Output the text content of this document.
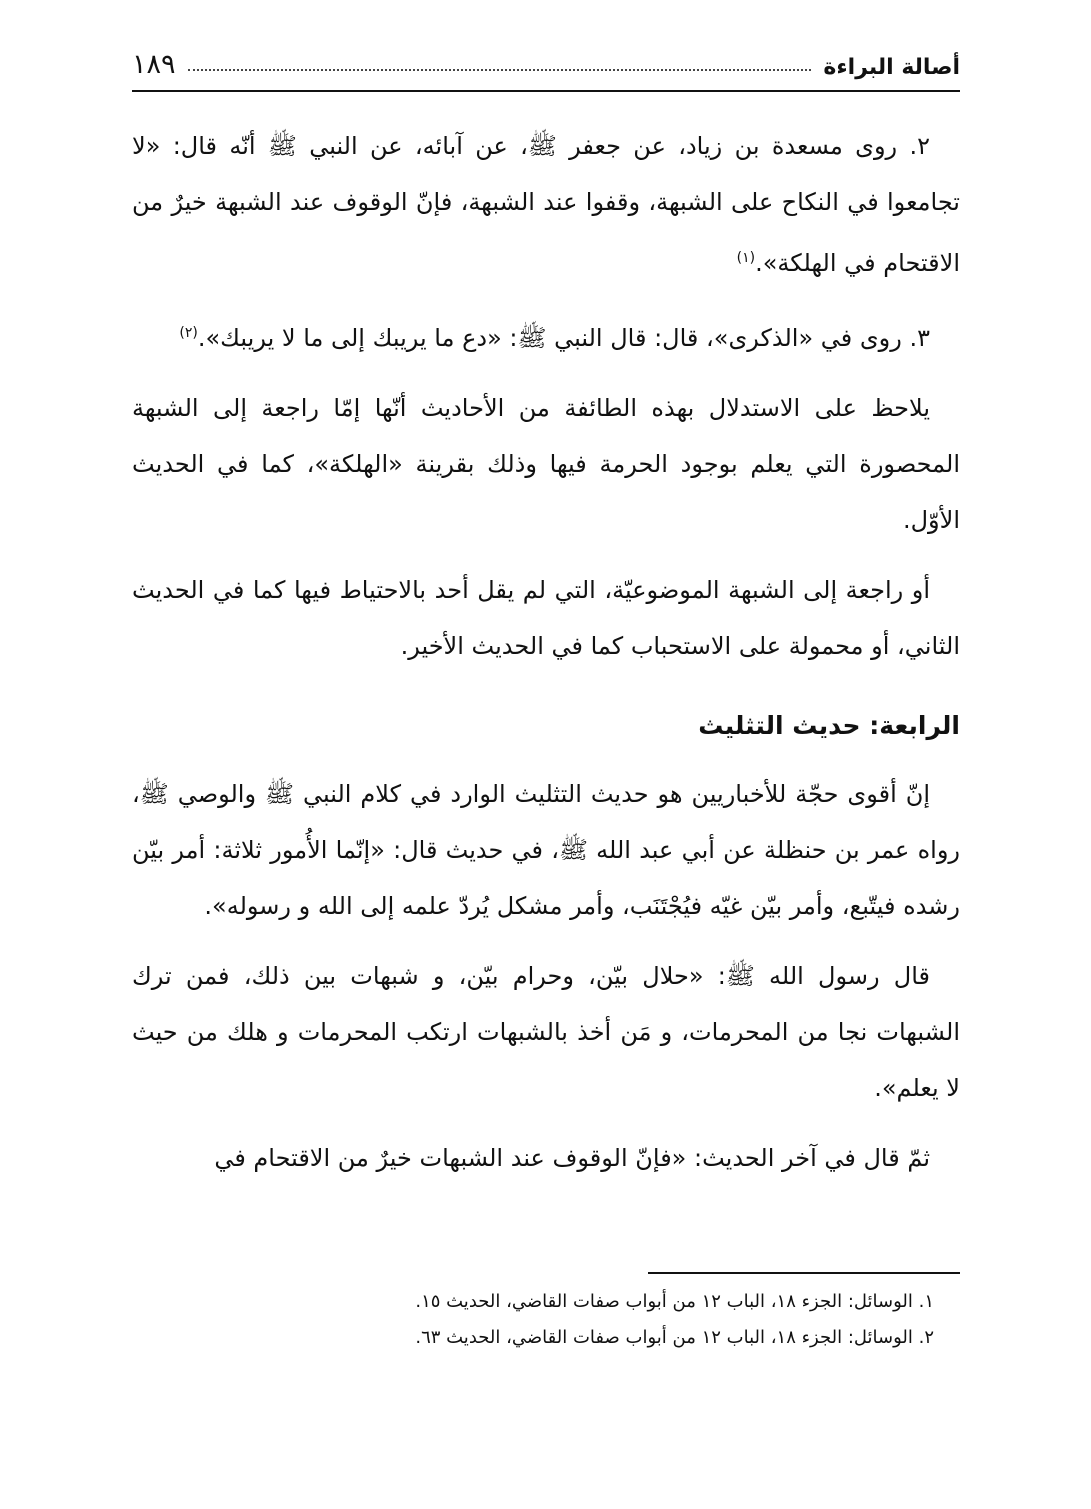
أصالة البراءة
١٨٩

٢. روى مسعدة بن زياد، عن جعفر ﷺ، عن آبائه، عن النبي ﷺ أنّه قال: «لا تجامعوا في النكاح على الشبهة، وقفوا عند الشبهة، فإنّ الوقوف عند الشبهة خيرٌ من الاقتحام في الهلكة».$^{(١)}$

٣. روى في «الذكرى»، قال: قال النبي ﷺ: «دع ما يريبك إلى ما لا يريبك».$^{(٢)}$

يلاحظ على الاستدلال بهذه الطائفة من الأحاديث أنّها إمّا راجعة إلى الشبهة المحصورة التي يعلم بوجود الحرمة فيها وذلك بقرينة «الهلكة»، كما في الحديث الأوّل.

أو راجعة إلى الشبهة الموضوعيّة، التي لم يقل أحد بالاحتياط فيها كما في الحديث الثاني، أو محمولة على الاستحباب كما في الحديث الأخير.

الرابعة: حديث التثليث

إنّ أقوى حجّة للأخباريين هو حديث التثليث الوارد في كلام النبي ﷺ والوصي ﷺ، رواه عمر بن حنظلة عن أبي عبد الله ﷺ، في حديث قال: «إنّما الأُمور ثلاثة: أمر بيّن رشده فيتّبع، وأمر بيّن غيّه فيُجْتَنَب، وأمر مشكل يُردّ علمه إلى الله و رسوله».

قال رسول الله ﷺ: «حلال بيّن، وحرام بيّن، و شبهات بين ذلك، فمن ترك الشبهات نجا من المحرمات، و مَن أخذ بالشبهات ارتكب المحرمات و هلك من حيث لا يعلم».

ثمّ قال في آخر الحديث: «فإنّ الوقوف عند الشبهات خيرٌ من الاقتحام في

١. الوسائل: الجزء ١٨، الباب ١٢ من أبواب صفات القاضي، الحديث ١٥.
٢. الوسائل: الجزء ١٨، الباب ١٢ من أبواب صفات القاضي، الحديث ٦٣.
